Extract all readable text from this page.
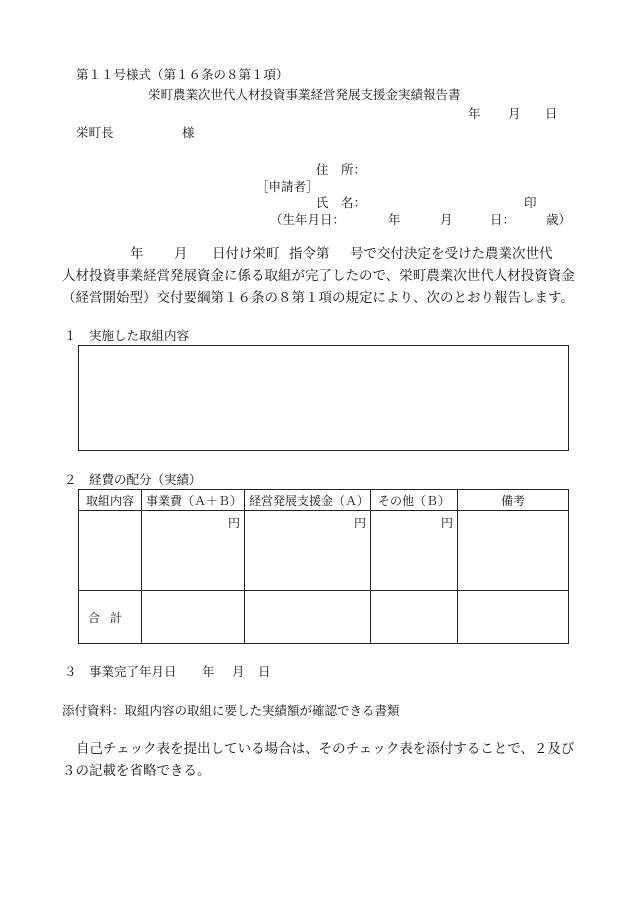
第１１号様式（第１６条の８第１項）
栄町農業次世代人材投資事業経営発展支援金実績報告書
年 月 日
栄町長	様
住　所：
［申請者］
氏　名：	印
（生年月日：	年	月	日： 歳）
年 月 日付け栄町 指令第 号で交付決定を受けた農業次世代
人材投資事業経営発展資金に係る取組が完了したので、栄町農業次世代人材投資資金
（経営開始型）交付要綱第１６条の８第１項の規定により、次のとおり報告します。
１　実施した取組内容
２　経費の配分（実績）
取組内容	事業費（Ａ＋Ｂ）	経営発展支援金（Ａ）	その他（Ｂ）	備考
	円	円	円	
合計				
３　事業完了年月日 年 月 日
添付資料：取組内容の取組に要した実績額が確認できる書類
自己チェック表を提出している場合は、そのチェック表を添付することで、２及び
３の記載を省略できる。
